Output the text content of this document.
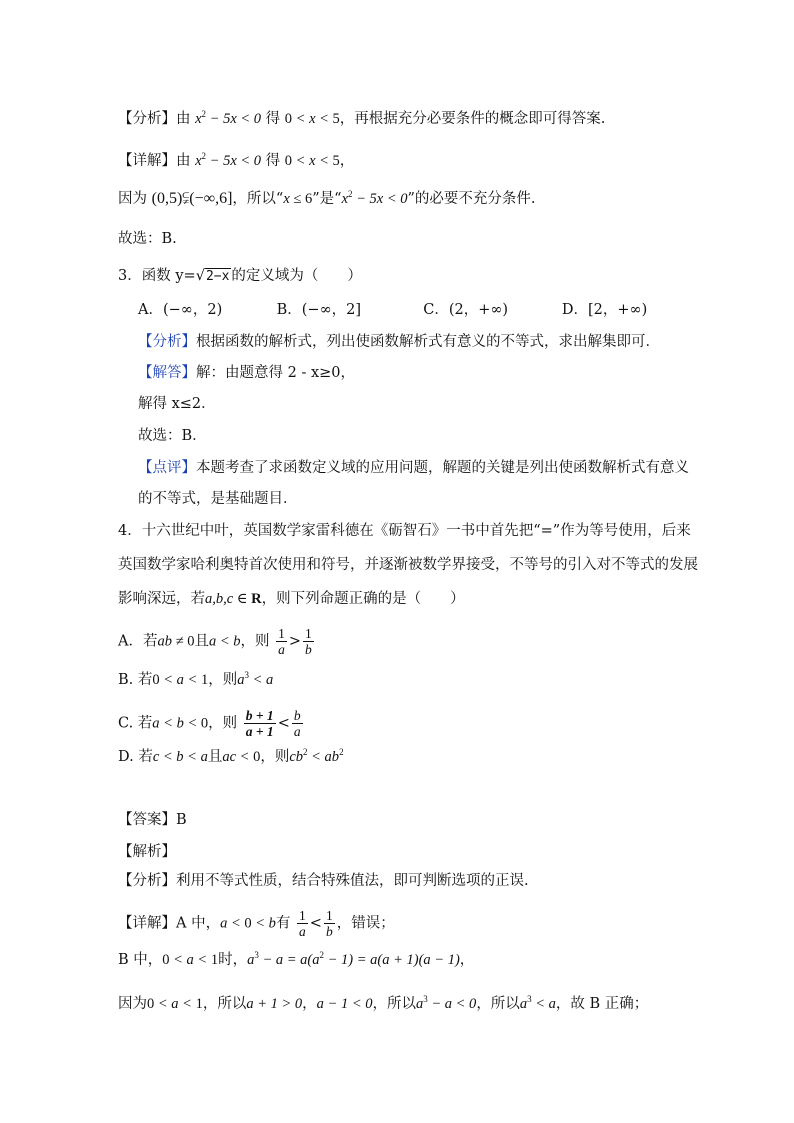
【分析】由 $x^2 - 5x < 0$ 得 0 < x < 5，再根据充分必要条件的概念即可得答案.
【详解】由 $x^2 - 5x < 0$ 得 0 < x < 5，
因为 (0,5)⫋(−∞,6]，所以“x ≤ 6”是“$x^2 - 5x < 0$”的必要不充分条件.
故选：B.
3．函数 y=√2−x 的定义域为（　　）
A．(−∞，2)	B．(−∞，2]	C．(2，+∞)	D．[2，+∞)
【分析】根据函数的解析式，列出使函数解析式有意义的不等式，求出解集即可．
【解答】解：由题意得 2 - x≥0，
解得 x≤2．
故选：B．
【点评】本题考查了求函数定义域的应用问题，解题的关键是列出使函数解析式有意义
的不等式，是基础题目．
4．十六世纪中叶，英国数学家雷科德在《砺智石》一书中首先把“=”作为等号使用，后来
英国数学家哈利奥特首次使用和符号，并逐渐被数学界接受，不等号的引入对不等式的发展
影响深远，若a,b,c ∈ R，则下列命题正确的是（　　）
A．若ab ≠ 0且a < b，则 $\frac{1}{a} > \frac{1}{b}$
B. 若0 < a < 1，则$a^3 < a$
C. 若a < b < 0，则 $\frac{b + 1}{a + 1} < \frac{b}{a}$
D. 若c < b < a且ac < 0，则$cb^2 < ab^2$
【答案】B
【解析】
【分析】利用不等式性质，结合特殊值法，即可判断选项的正误.
【详解】A 中，a < 0 < b有 $\frac{1}{a} < \frac{1}{b}$ ，错误；
B 中，0 < a < 1时，$a^3 - a = a(a^2 - 1) = a(a + 1)(a - 1)$，
因为0 < a < 1，所以a + 1 > 0，a − 1 < 0，所以$a^3 - a < 0$，所以$a^3 < a$，故 B 正确；
